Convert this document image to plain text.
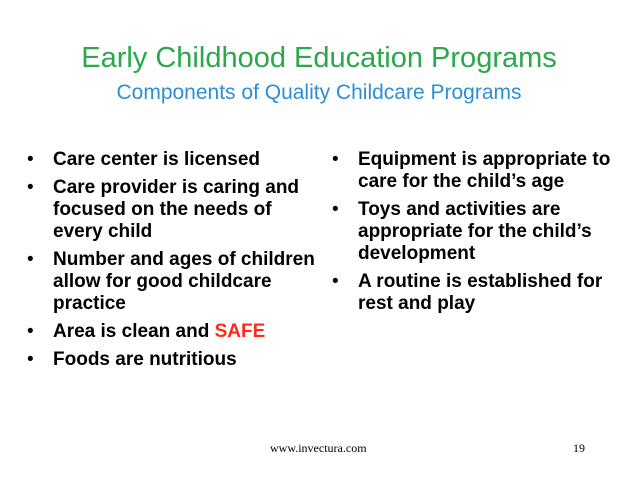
Early Childhood Education Programs
Components of Quality Childcare Programs
•	Care center is licensed
•	Care provider is caring and focused on the needs of every child
•	Number and ages of children allow for good childcare practice
•	Area is clean and SAFE
•	Foods are nutritious
•	Equipment is appropriate to care for the child’s age
•	Toys and activities are appropriate for the child’s development
•	A routine is established for rest and play
www.invectura.com	19
